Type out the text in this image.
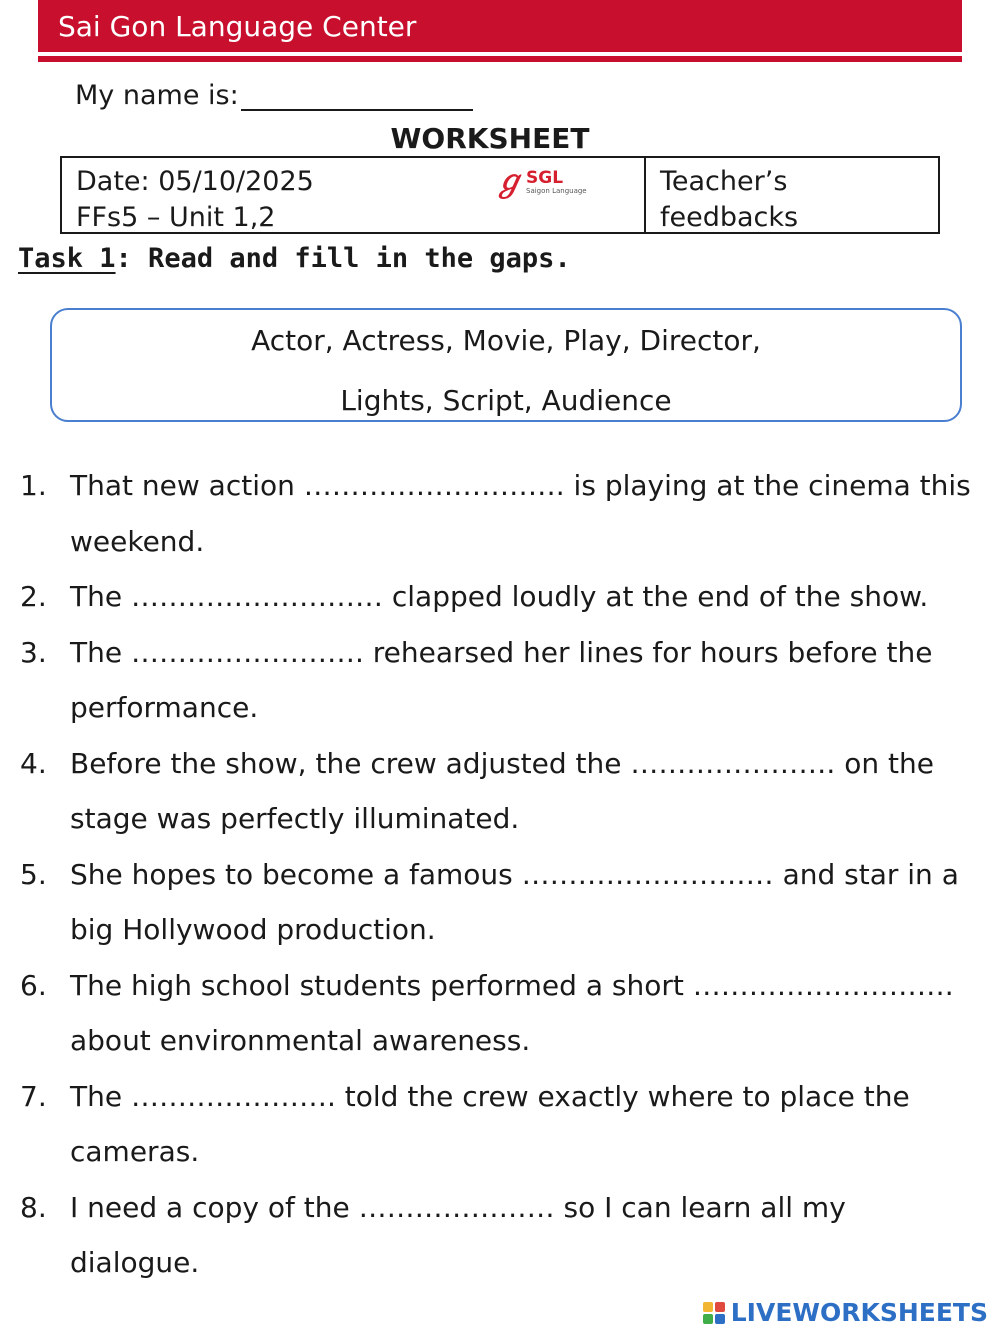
Sai Gon Language Center
My name is:
WORKSHEET
Date: 05/10/2025
FFs5 – Unit 1,2
ℊ SGL
Saigon Language	Teacher’s
feedbacks
Task 1: Read and fill in the gaps.
Actor, Actress, Movie, Play, Director,
Lights, Script, Audience
1. That new action ………………………. is playing at the cinema this weekend.
2. The ……………………… clapped loudly at the end of the show.
3. The ……………………. rehearsed her lines for hours before the performance.
4. Before the show, the crew adjusted the …………………. on the stage was perfectly illuminated.
5. She hopes to become a famous ……………………… and star in a big Hollywood production.
6. The high school students performed a short ………………………. about environmental awareness.
7. The …………………. told the crew exactly where to place the cameras.
8. I need a copy of the ………………… so I can learn all my dialogue.
LIVEWORKSHEETS
